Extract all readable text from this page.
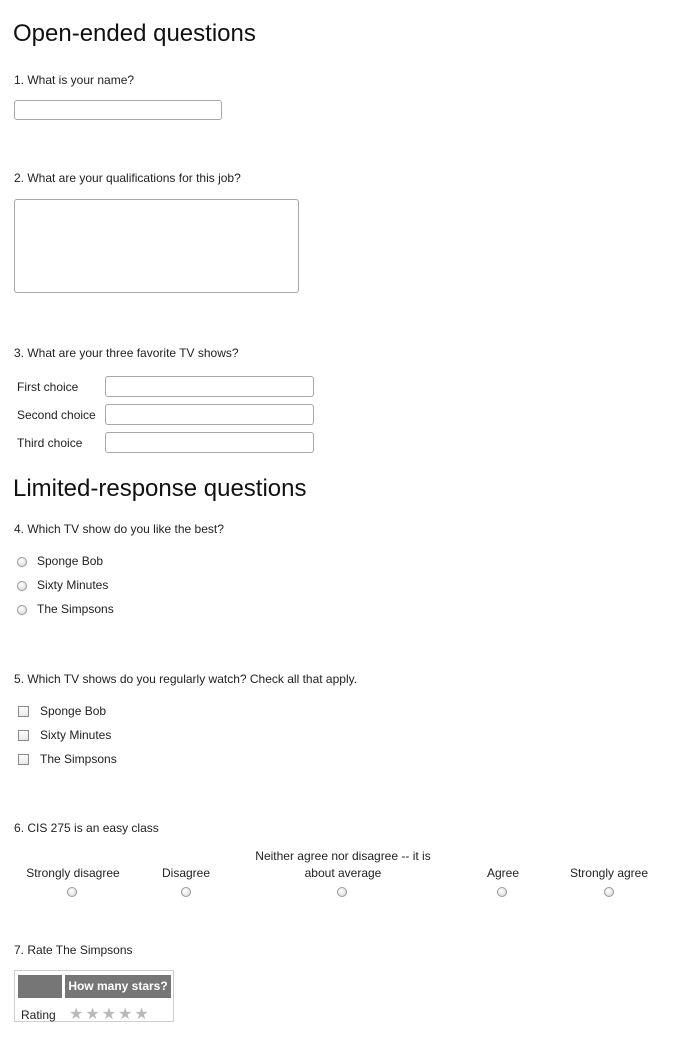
Open-ended questions
1. What is your name?
2. What are your qualifications for this job?
3. What are your three favorite TV shows?
First choice
Second choice
Third choice
Limited-response questions
4. Which TV show do you like the best?
Sponge Bob
Sixty Minutes
The Simpsons
5. Which TV shows do you regularly watch? Check all that apply.
Sponge Bob
Sixty Minutes
The Simpsons
6. CIS 275 is an easy class
Strongly disagree	Disagree
Neither agree nor disagree -- it is about average	Agree	Strongly agree
7. Rate The Simpsons
How many stars?
Rating ★ ★ ★ ★ ★
